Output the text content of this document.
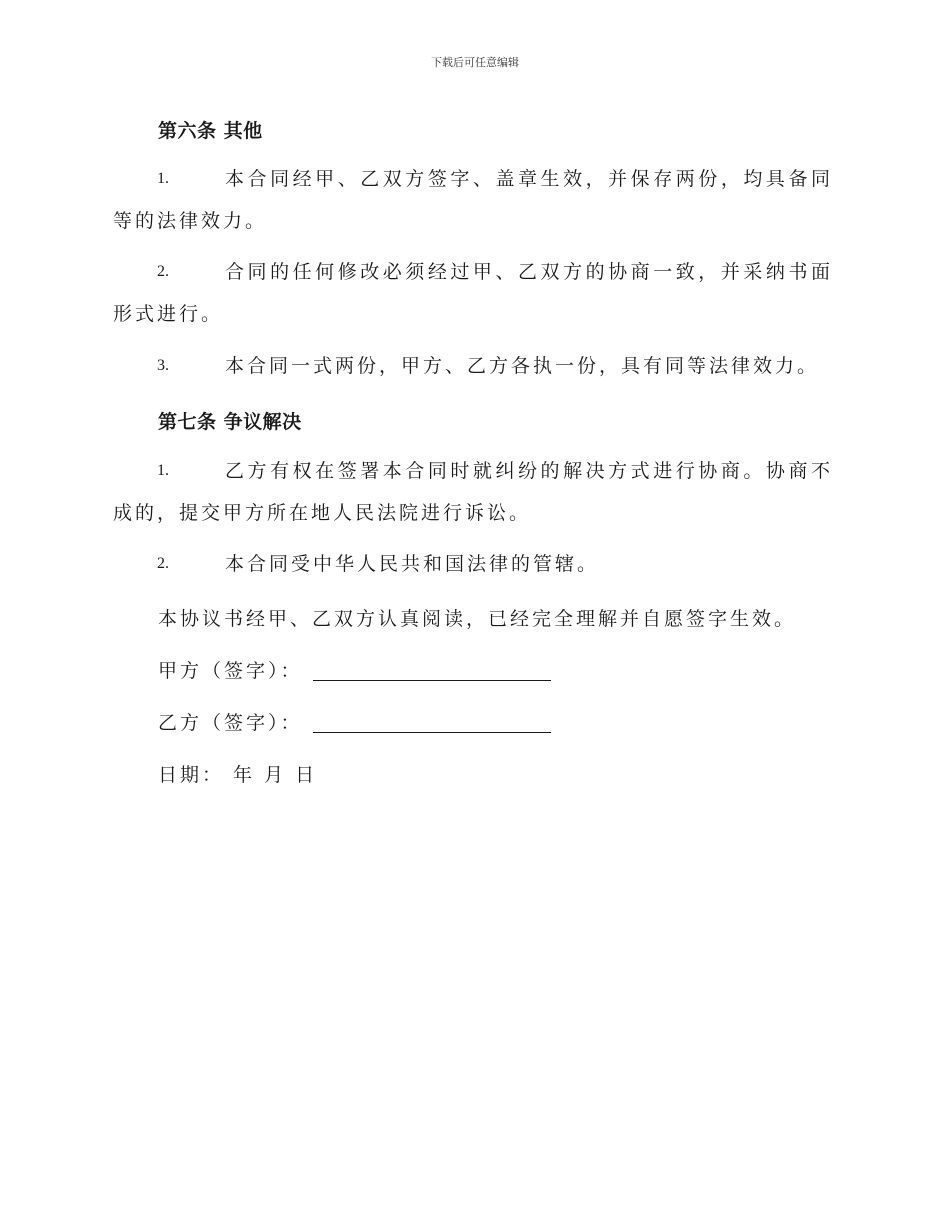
下载后可任意编辑
第六条 其他
1.	本合同经甲、乙双方签字、盖章生效，并保存两份，均具备同等的法律效力。
2.	合同的任何修改必须经过甲、乙双方的协商一致，并采纳书面形式进行。
3.	本合同一式两份，甲方、乙方各执一份，具有同等法律效力。
第七条 争议解决
1.	乙方有权在签署本合同时就纠纷的解决方式进行协商。协商不成的，提交甲方所在地人民法院进行诉讼。
2.	本合同受中华人民共和国法律的管辖。
本协议书经甲、乙双方认真阅读，已经完全理解并自愿签字生效。
甲方（签字）：
乙方（签字）：
日期： 年 月 日
